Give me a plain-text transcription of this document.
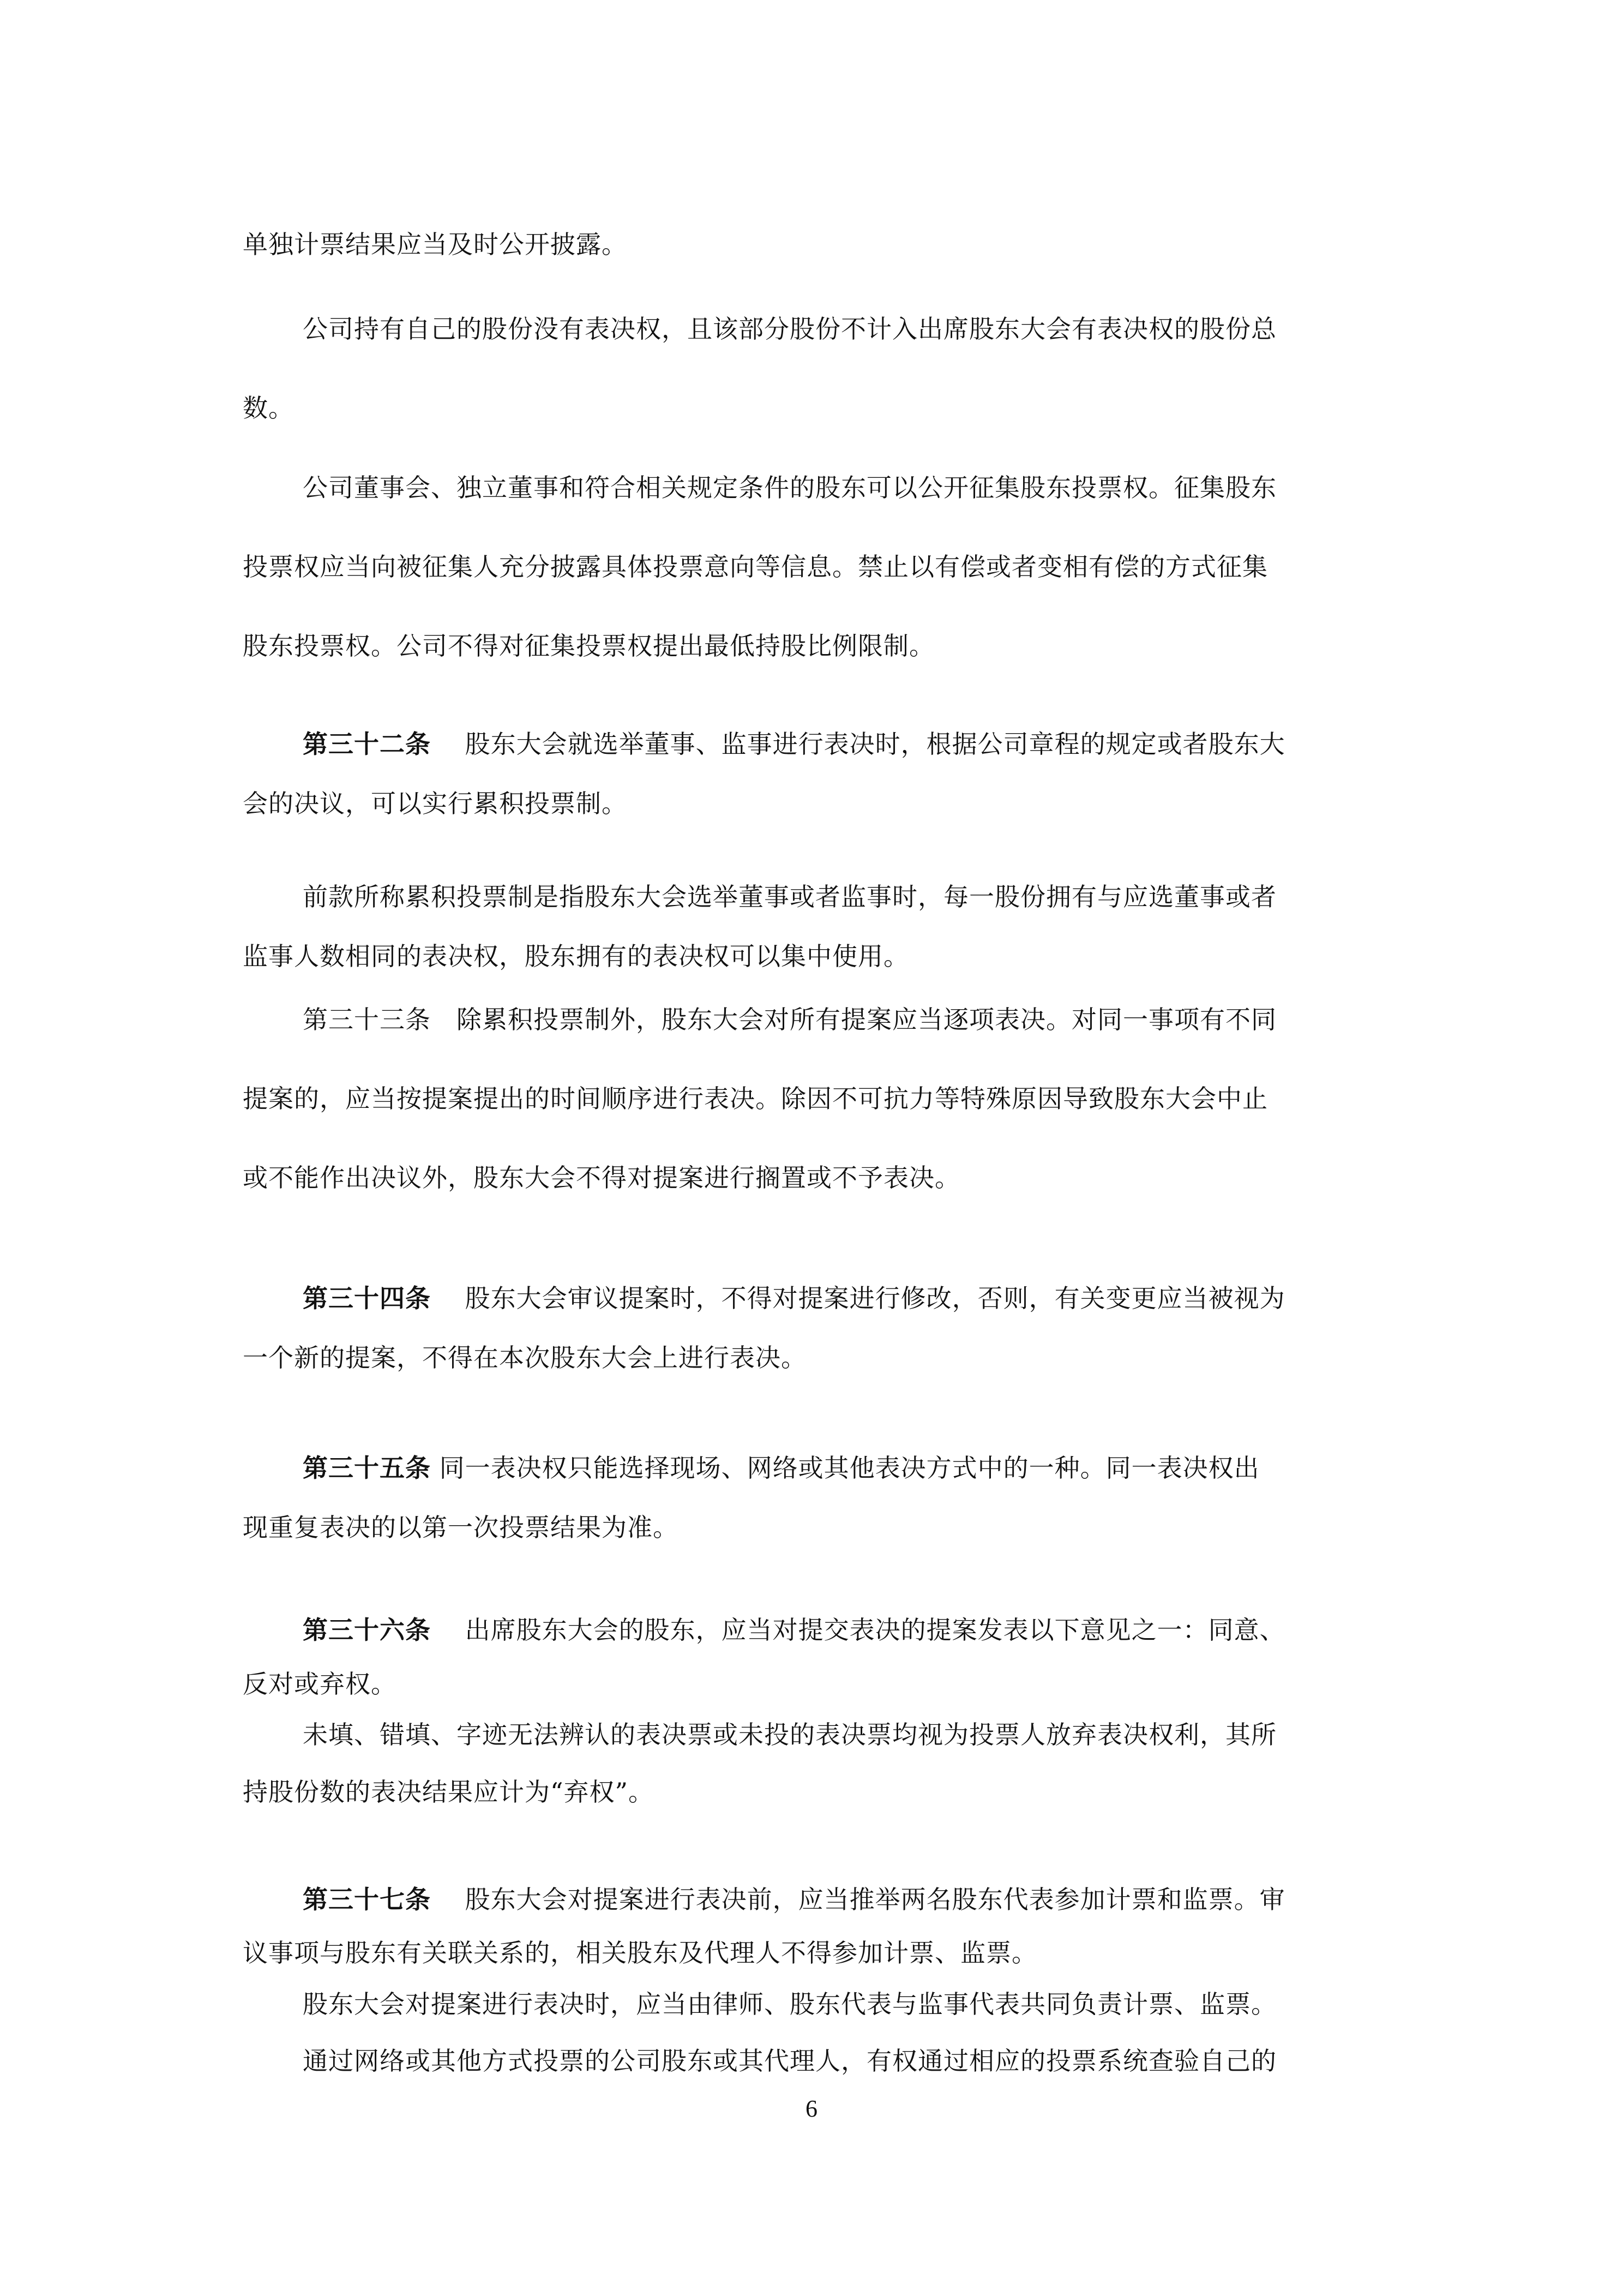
单独计票结果应当及时公开披露。
公司持有自己的股份没有表决权，且该部分股份不计入出席股东大会有表决权的股份总
数。
公司董事会、独立董事和符合相关规定条件的股东可以公开征集股东投票权。征集股东
投票权应当向被征集人充分披露具体投票意向等信息。禁止以有偿或者变相有偿的方式征集
股东投票权。公司不得对征集投票权提出最低持股比例限制。
第三十二条　 股东大会就选举董事、监事进行表决时，根据公司章程的规定或者股东大
会的决议，可以实行累积投票制。
前款所称累积投票制是指股东大会选举董事或者监事时，每一股份拥有与应选董事或者
监事人数相同的表决权，股东拥有的表决权可以集中使用。
第三十三条　除累积投票制外，股东大会对所有提案应当逐项表决。对同一事项有不同
提案的，应当按提案提出的时间顺序进行表决。除因不可抗力等特殊原因导致股东大会中止
或不能作出决议外，股东大会不得对提案进行搁置或不予表决。
第三十四条　 股东大会审议提案时，不得对提案进行修改，否则，有关变更应当被视为
一个新的提案，不得在本次股东大会上进行表决。
第三十五条 同一表决权只能选择现场、网络或其他表决方式中的一种。同一表决权出
现重复表决的以第一次投票结果为准。
第三十六条　 出席股东大会的股东，应当对提交表决的提案发表以下意见之一：同意、
反对或弃权。
未填、错填、字迹无法辨认的表决票或未投的表决票均视为投票人放弃表决权利，其所
持股份数的表决结果应计为“弃权”。
第三十七条　 股东大会对提案进行表决前，应当推举两名股东代表参加计票和监票。审
议事项与股东有关联关系的，相关股东及代理人不得参加计票、监票。
股东大会对提案进行表决时，应当由律师、股东代表与监事代表共同负责计票、监票。
通过网络或其他方式投票的公司股东或其代理人，有权通过相应的投票系统查验自己的
6
